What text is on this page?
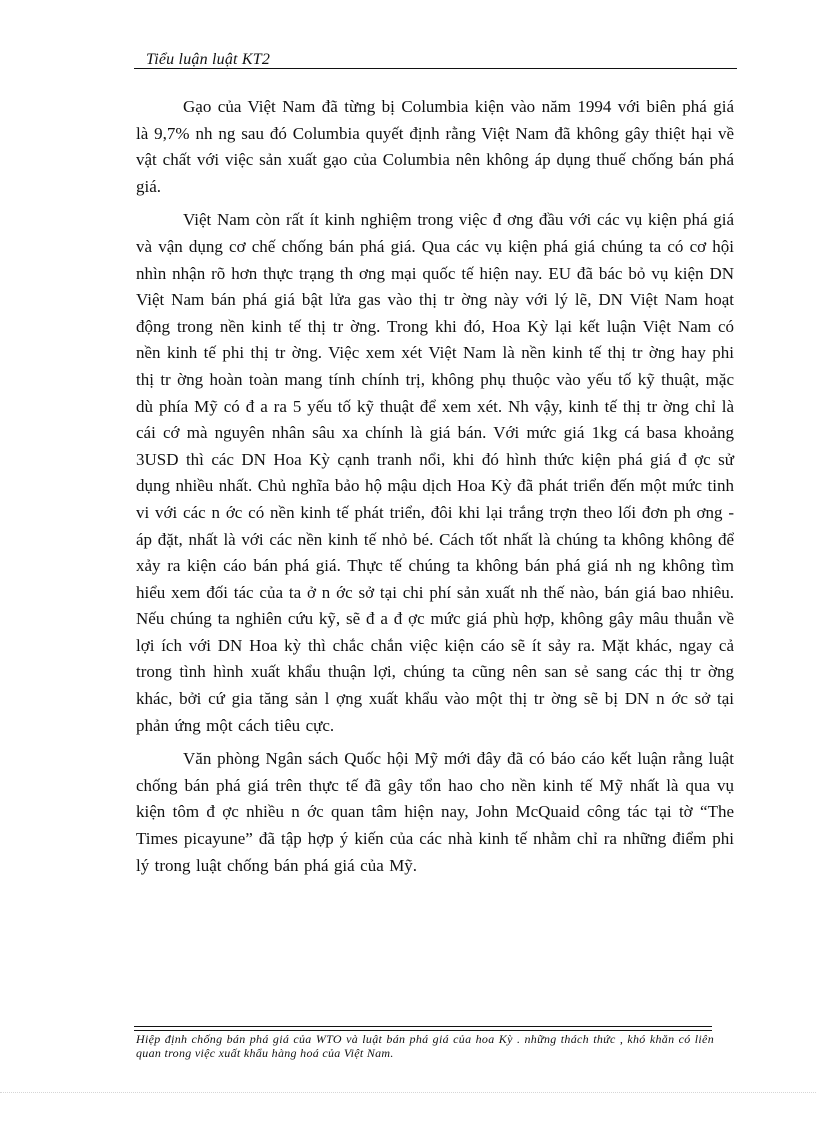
Tiểu luận luật KT2

Gạo của Việt Nam đã từng bị Columbia kiện vào năm 1994 với biên phá giá là 9,7% nh ng sau đó Columbia quyết định rằng Việt Nam đã không gây thiệt hại về vật chất với việc sản xuất gạo của Columbia nên không áp dụng thuế chống bán phá giá.

Việt Nam còn rất ít kinh nghiệm trong việc đ ơng đầu với các vụ kiện phá giá và vận dụng cơ chế chống bán phá giá. Qua các vụ kiện phá giá chúng ta có cơ hội nhìn nhận rõ hơn thực trạng th ơng mại quốc tế hiện nay. EU đã bác bỏ vụ kiện DN Việt Nam bán phá giá bật lửa gas vào thị tr ờng này với lý lẽ, DN Việt Nam hoạt động trong nền kinh tế thị tr ờng. Trong khi đó, Hoa Kỳ lại kết luận Việt Nam có nền kinh tế phi thị tr ờng. Việc xem xét Việt Nam là nền kinh tế thị tr ờng hay phi thị tr ờng hoàn toàn mang tính chính trị, không phụ thuộc vào yếu tố kỹ thuật, mặc dù phía Mỹ có đ a ra 5 yếu tố kỹ thuật để xem xét. Nh vậy, kinh tế thị tr ờng chỉ là cái cớ mà nguyên nhân sâu xa chính là giá bán. Với mức giá 1kg cá basa khoảng 3USD thì các DN Hoa Kỳ cạnh tranh nổi, khi đó hình thức kiện phá giá đ ợc sử dụng nhiều nhất. Chủ nghĩa bảo hộ mậu dịch Hoa Kỳ đã phát triển đến một mức tinh vi với các n ớc có nền kinh tế phát triển, đôi khi lại trắng trợn theo lối đơn ph ơng - áp đặt, nhất là với các nền kinh tế nhỏ bé. Cách tốt nhất là chúng ta không không để xảy ra kiện cáo bán phá giá. Thực tế chúng ta không bán phá giá nh ng không tìm hiểu xem đối tác của ta ở n ớc sở tại chi phí sản xuất nh thế nào, bán giá bao nhiêu. Nếu chúng ta nghiên cứu kỹ, sẽ đ a đ ợc mức giá phù hợp, không gây mâu thuẫn về lợi ích với DN Hoa kỳ thì chắc chắn việc kiện cáo sẽ ít sảy ra. Mặt khác, ngay cả trong tình hình xuất khẩu thuận lợi, chúng ta cũng nên san sẻ sang các thị tr ờng khác, bởi cứ gia tăng sản l ợng xuất khẩu vào một thị tr ờng sẽ bị DN n ớc sở tại phản ứng một cách tiêu cực.

Văn phòng Ngân sách Quốc hội Mỹ mới đây đã có báo cáo kết luận rằng luật chống bán phá giá trên thực tế đã gây tổn hao cho nền kinh tế Mỹ nhất là qua vụ kiện tôm đ ợc nhiều n ớc quan tâm hiện nay, John McQuaid công tác tại tờ “The Times picayune” đã tập hợp ý kiến của các nhà kinh tế nhằm chỉ ra những điểm phi lý trong luật chống bán phá giá của Mỹ.

Hiệp định chống bán phá giá của WTO và luật bán phá giá của hoa Kỳ . những thách thức , khó khăn có liên quan trong việc xuất khẩu hàng hoá của Việt Nam.
